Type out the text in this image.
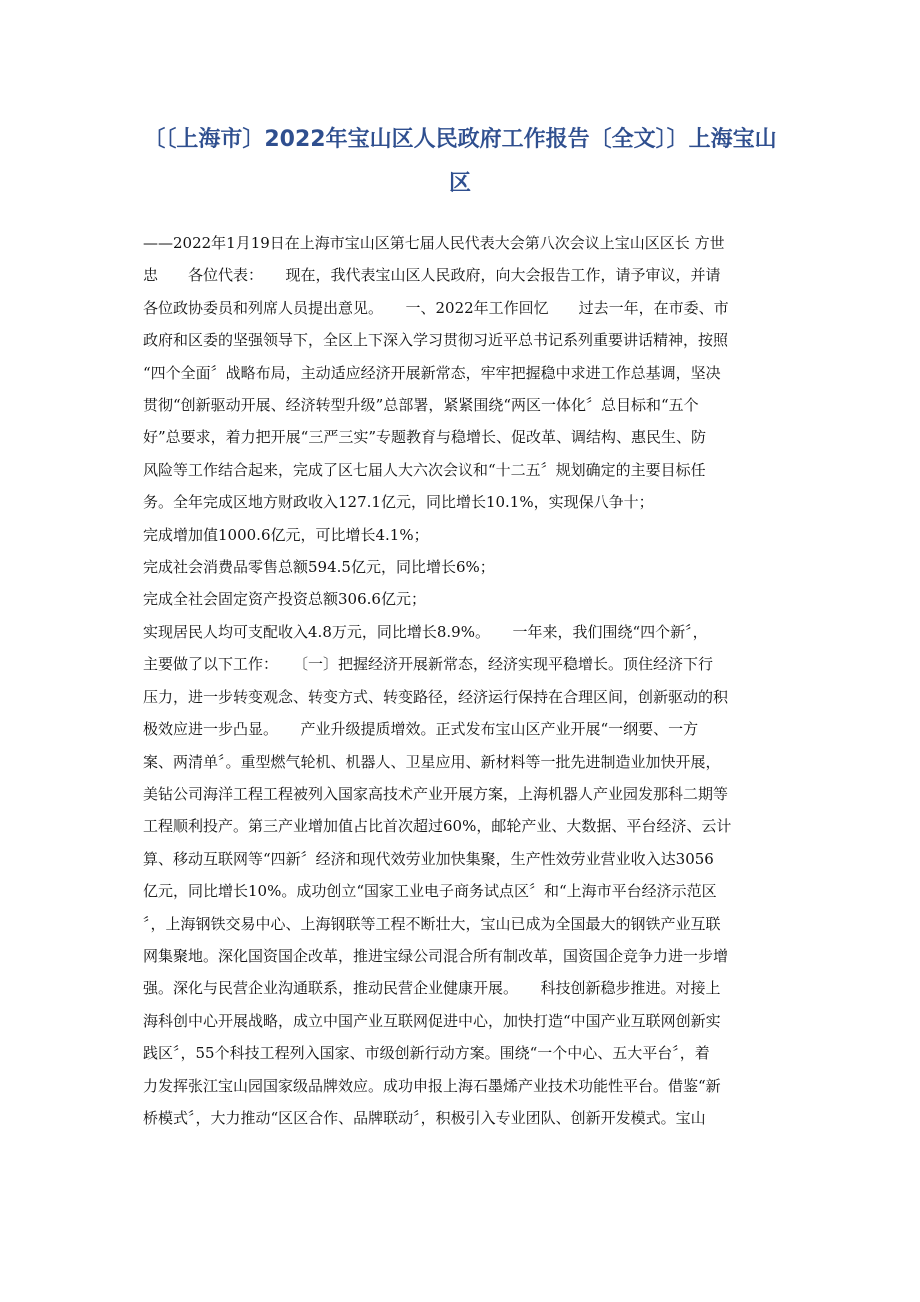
〔〔上海市〕2022年宝山区人民政府工作报告〔全文〕〕上海宝山区
——2022年1月19日在上海市宝山区第七届人民代表大会第八次会议上宝山区区长 方世
忠　　各位代表：　　现在，我代表宝山区人民政府，向大会报告工作，请予审议，并请
各位政协委员和列席人员提出意见。　　一、2022年工作回忆　　过去一年，在市委、市
政府和区委的坚强领导下，全区上下深入学习贯彻习近平总书记系列重要讲话精神，按照
“四个全面〞战略布局，主动适应经济开展新常态，牢牢把握稳中求进工作总基调，坚决
贯彻“创新驱动开展、经济转型升级”总部署，紧紧围绕“两区一体化〞总目标和“五个
好”总要求，着力把开展“三严三实”专题教育与稳增长、促改革、调结构、惠民生、防
风险等工作结合起来，完成了区七届人大六次会议和“十二五〞规划确定的主要目标任
务。全年完成区地方财政收入127.1亿元，同比增长10.1%，实现保八争十；
完成增加值1000.6亿元，可比增长4.1%；
完成社会消费品零售总额594.5亿元，同比增长6%；
完成全社会固定资产投资总额306.6亿元；
实现居民人均可支配收入4.8万元，同比增长8.9%。　　一年来，我们围绕“四个新〞，
主要做了以下工作：　　〔一〕把握经济开展新常态，经济实现平稳增长。顶住经济下行
压力，进一步转变观念、转变方式、转变路径，经济运行保持在合理区间，创新驱动的积
极效应进一步凸显。　　产业升级提质增效。正式发布宝山区产业开展“一纲要、一方
案、两清单〞。重型燃气轮机、机器人、卫星应用、新材料等一批先进制造业加快开展，
美钻公司海洋工程工程被列入国家高技术产业开展方案，上海机器人产业园发那科二期等
工程顺利投产。第三产业增加值占比首次超过60%，邮轮产业、大数据、平台经济、云计
算、移动互联网等“四新〞经济和现代效劳业加快集聚，生产性效劳业营业收入达3056
亿元，同比增长10%。成功创立“国家工业电子商务试点区〞和“上海市平台经济示范区
〞，上海钢铁交易中心、上海钢联等工程不断壮大，宝山已成为全国最大的钢铁产业互联
网集聚地。深化国资国企改革，推进宝绿公司混合所有制改革，国资国企竞争力进一步增
强。深化与民营企业沟通联系，推动民营企业健康开展。　　科技创新稳步推进。对接上
海科创中心开展战略，成立中国产业互联网促进中心，加快打造“中国产业互联网创新实
践区〞，55个科技工程列入国家、市级创新行动方案。围绕“一个中心、五大平台〞，着
力发挥张江宝山园国家级品牌效应。成功申报上海石墨烯产业技术功能性平台。借鉴“新
桥模式〞，大力推动“区区合作、品牌联动〞，积极引入专业团队、创新开发模式。宝山
